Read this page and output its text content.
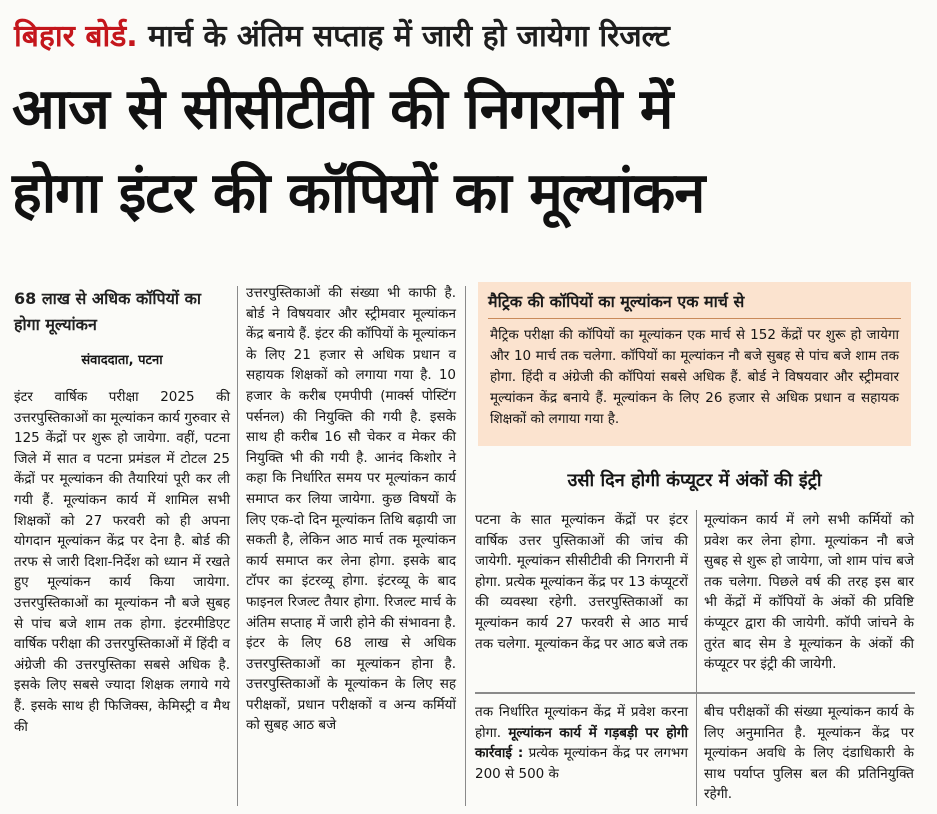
बिहार बोर्ड. मार्च के अंतिम सप्ताह में जारी हो जायेगा रिजल्ट
आज से सीसीटीवी की निगरानी में
होगा इंटर की कॉपियों का मूल्यांकन
68 लाख से अधिक कॉपियों का होगा मूल्यांकन
संवाददाता, पटना

इंटर वार्षिक परीक्षा 2025 की उत्तरपुस्तिकाओं का मूल्यांकन कार्य गुरुवार से 125 केंद्रों पर शुरू हो जायेगा. वहीं, पटना जिले में सात व पटना प्रमंडल में टोटल 25 केंद्रों पर मूल्यांकन की तैयारियां पूरी कर ली गयी हैं. मूल्यांकन कार्य में शामिल सभी शिक्षकों को 27 फरवरी को ही अपना योगदान मूल्यांकन केंद्र पर देना है. बोर्ड की तरफ से जारी दिशा-निर्देश को ध्यान में रखते हुए मूल्यांकन कार्य किया जायेगा. उत्तरपुस्तिकाओं का मूल्यांकन नौ बजे सुबह से पांच बजे शाम तक होगा. इंटरमीडिएट वार्षिक परीक्षा की उत्तरपुस्तिकाओं में हिंदी व अंग्रेजी की उत्तरपुस्तिका सबसे अधिक है. इसके लिए सबसे ज्यादा शिक्षक लगाये गये हैं. इसके साथ ही फिजिक्स, केमिस्ट्री व मैथ की

उत्तरपुस्तिकाओं की संख्या भी काफी है. बोर्ड ने विषयवार और स्ट्रीमवार मूल्यांकन केंद्र बनाये हैं. इंटर की कॉपियों के मूल्यांकन के लिए 21 हजार से अधिक प्रधान व सहायक शिक्षकों को लगाया गया है. 10 हजार के करीब एमपीपी (मार्क्स पोस्टिंग पर्सनल) की नियुक्ति की गयी है. इसके साथ ही करीब 16 सौ चेकर व मेकर की नियुक्ति भी की गयी है. आनंद किशोर ने कहा कि निर्धारित समय पर मूल्यांकन कार्य समाप्त कर लिया जायेगा. कुछ विषयों के लिए एक-दो दिन मूल्यांकन तिथि बढ़ायी जा सकती है, लेकिन आठ मार्च तक मूल्यांकन कार्य समाप्त कर लेना होगा. इसके बाद टॉपर का इंटरव्यू होगा. इंटरव्यू के बाद फाइनल रिजल्ट तैयार होगा. रिजल्ट मार्च के अंतिम सप्ताह में जारी होने की संभावना है. इंटर के लिए 68 लाख से अधिक उत्तरपुस्तिकाओं का मूल्यांकन होना है. उत्तरपुस्तिकाओं के मूल्यांकन के लिए सह परीक्षकों, प्रधान परीक्षकों व अन्य कर्मियों को सुबह आठ बजे

मैट्रिक की कॉपियों का मूल्यांकन एक मार्च से
मैट्रिक परीक्षा की कॉपियों का मूल्यांकन एक मार्च से 152 केंद्रों पर शुरू हो जायेगा और 10 मार्च तक चलेगा. कॉपियों का मूल्यांकन नौ बजे सुबह से पांच बजे शाम तक होगा. हिंदी व अंग्रेजी की कॉपियां सबसे अधिक हैं. बोर्ड ने विषयवार और स्ट्रीमवार मूल्यांकन केंद्र बनाये हैं. मूल्यांकन के लिए 26 हजार से अधिक प्रधान व सहायक शिक्षकों को लगाया गया है.
उसी दिन होगी कंप्यूटर में अंकों की इंट्री

पटना के सात मूल्यांकन केंद्रों पर इंटर वार्षिक उत्तर पुस्तिकाओं की जांच की जायेगी. मूल्यांकन सीसीटीवी की निगरानी में होगा. प्रत्येक मूल्यांकन केंद्र पर 13 कंप्यूटरों की व्यवस्था रहेगी. उत्तरपुस्तिकाओं का मूल्यांकन कार्य 27 फरवरी से आठ मार्च तक चलेगा. मूल्यांकन केंद्र पर आठ बजे तक

मूल्यांकन कार्य में लगे सभी कर्मियों को प्रवेश कर लेना होगा. मूल्यांकन नौ बजे सुबह से शुरू हो जायेगा, जो शाम पांच बजे तक चलेगा. पिछले वर्ष की तरह इस बार भी केंद्रों में कॉपियों के अंकों की प्रविष्टि कंप्यूटर द्वारा की जायेगी. कॉपी जांचने के तुरंत बाद सेम डे मूल्यांकन के अंकों की कंप्यूटर पर इंट्री की जायेगी.

तक निर्धारित मूल्यांकन केंद्र में प्रवेश करना होगा. मूल्यांकन कार्य में गड़बड़ी पर होगी कार्रवाई : प्रत्येक मूल्यांकन केंद्र पर लगभग 200 से 500 के

बीच परीक्षकों की संख्या मूल्यांकन कार्य के लिए अनुमानित है. मूल्यांकन केंद्र पर मूल्यांकन अवधि के लिए दंडाधिकारी के साथ पर्याप्त पुलिस बल की प्रतिनियुक्ति रहेगी.
